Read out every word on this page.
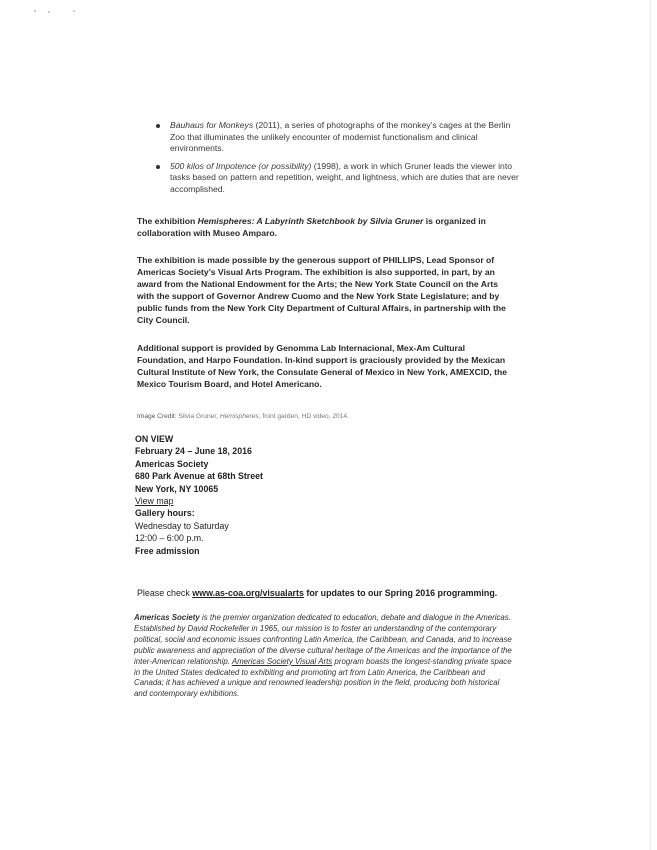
Bauhaus for Monkeys (2011), a series of photographs of the monkey’s cages at the Berlin Zoo that illuminates the unlikely encounter of modernist functionalism and clinical environments.
500 kilos of Impotence (or possibility) (1998), a work in which Gruner leads the viewer into tasks based on pattern and repetition, weight, and lightness, which are duties that are never accomplished.

The exhibition Hemispheres: A Labyrinth Sketchbook by Silvia Gruner is organized in collaboration with Museo Amparo.

The exhibition is made possible by the generous support of PHILLIPS, Lead Sponsor of Americas Society’s Visual Arts Program. The exhibition is also supported, in part, by an award from the National Endowment for the Arts; the New York State Council on the Arts with the support of Governor Andrew Cuomo and the New York State Legislature; and by public funds from the New York City Department of Cultural Affairs, in partnership with the City Council.

Additional support is provided by Genomma Lab Internacional, Mex-Am Cultural Foundation, and Harpo Foundation. In-kind support is graciously provided by the Mexican Cultural Institute of New York, the Consulate General of Mexico in New York, AMEXCID, the Mexico Tourism Board, and Hotel Americano.

Image Credit: Silvia Gruner, Hemispheres, front garden, HD video, 2014.
ON VIEW
February 24 – June 18, 2016
Americas Society
680 Park Avenue at 68th Street
New York, NY 10065
View map
Gallery hours:
Wednesday to Saturday
12:00 – 6:00 p.m.
Free admission
Please check www.as-coa.org/visualarts for updates to our Spring 2016 programming.

Americas Society is the premier organization dedicated to education, debate and dialogue in the Americas. Established by David Rockefeller in 1965, our mission is to foster an understanding of the contemporary political, social and economic issues confronting Latin America, the Caribbean, and Canada, and to increase public awareness and appreciation of the diverse cultural heritage of the Americas and the importance of the inter-American relationship. Americas Society Visual Arts program boasts the longest-standing private space in the United States dedicated to exhibiting and promoting art from Latin America, the Caribbean and Canada; it has achieved a unique and renowned leadership position in the field, producing both historical and contemporary exhibitions.
